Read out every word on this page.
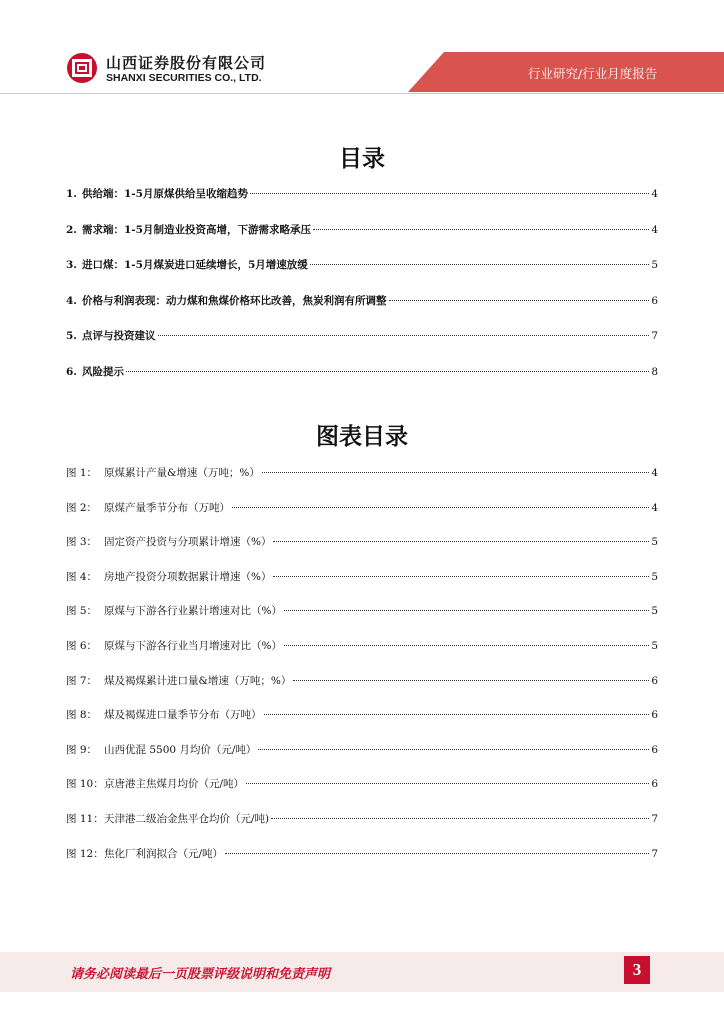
山西证券股份有限公司
SHANXI SECURITIES CO., LTD.	行业研究/行业月度报告
目录
1. 供给端：1-5月原煤供给呈收缩趋势	4
2. 需求端：1-5月制造业投资高增，下游需求略承压	4
3. 进口煤：1-5月煤炭进口延续增长，5月增速放缓	5
4. 价格与利润表现：动力煤和焦煤价格环比改善，焦炭利润有所调整	6
5. 点评与投资建议	7
6. 风险提示	8
图表目录
图 1： 原煤累计产量&增速（万吨；%）	4
图 2： 原煤产量季节分布（万吨）	4
图 3： 固定资产投资与分项累计增速（%）	5
图 4： 房地产投资分项数据累计增速（%）	5
图 5： 原煤与下游各行业累计增速对比（%）	5
图 6： 原煤与下游各行业当月增速对比（%）	5
图 7： 煤及褐煤累计进口量&增速（万吨；%）	6
图 8： 煤及褐煤进口量季节分布（万吨）	6
图 9： 山西优混 5500 月均价（元/吨）	6
图 10： 京唐港主焦煤月均价（元/吨）	6
图 11： 天津港二级冶金焦平仓均价（元/吨)	7
图 12： 焦化厂利润拟合（元/吨）	7
请务必阅读最后一页股票评级说明和免责声明	3
